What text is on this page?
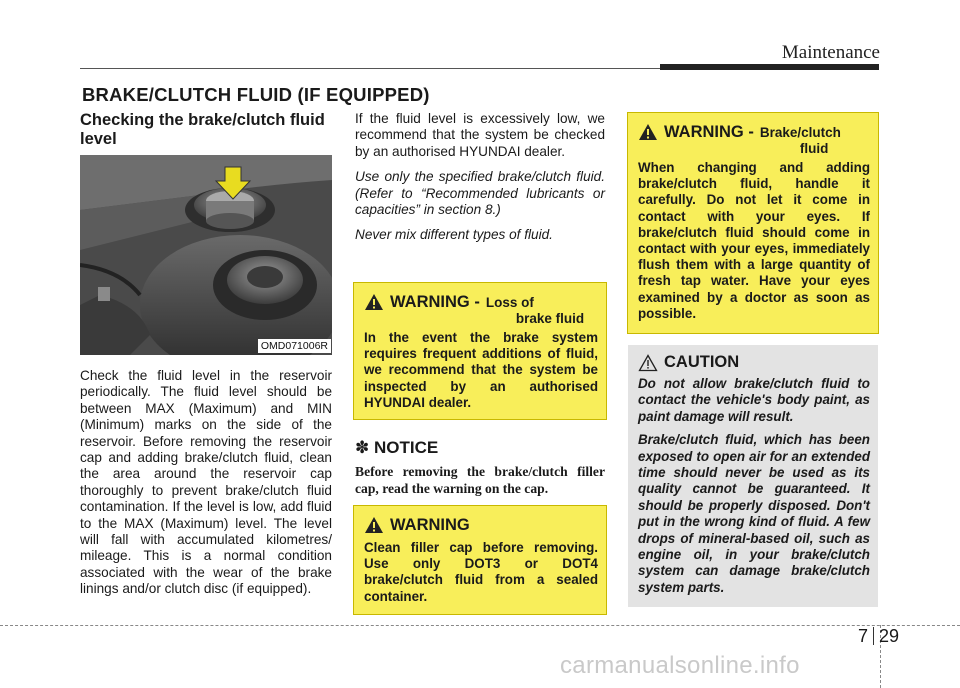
Maintenance
BRAKE/CLUTCH FLUID (IF EQUIPPED)
Checking the brake/clutch fluid level
OMD071006R
Check the fluid level in the reservoir periodically. The fluid level should be between MAX (Maximum) and MIN (Minimum) marks on the side of the reservoir. Before removing the reservoir cap and adding brake/clutch fluid, clean the area around the reservoir cap thoroughly to prevent brake/clutch fluid contamination. If the level is low, add fluid to the MAX (Maximum) level. The level will fall with accumulated kilometres/ mileage. This is a normal condition associated with the wear of the brake linings and/or clutch disc (if equipped).

If the fluid level is excessively low, we recommend that the system be checked by an authorised HYUNDAI dealer.

Use only the specified brake/clutch fluid. (Refer to “Recommended lubricants or capacities” in section 8.)

Never mix different types of fluid.

WARNING - Loss of
brake fluid
In the event the brake system requires frequent additions of fluid, we recommend that the system be inspected by an authorised HYUNDAI dealer.
✽ NOTICE
Before removing the brake/clutch filler cap, read the warning on the cap.
WARNING
Clean filler cap before removing. Use only DOT3 or DOT4 brake/clutch fluid from a sealed container.
WARNING - Brake/clutch
fluid
When changing and adding brake/clutch fluid, handle it carefully. Do not let it come in contact with your eyes. If brake/clutch fluid should come in contact with your eyes, immediately flush them with a large quantity of fresh tap water. Have your eyes examined by a doctor as soon as possible.
CAUTION

Do not allow brake/clutch fluid to contact the vehicle's body paint, as paint damage will result.

Brake/clutch fluid, which has been exposed to open air for an extended time should never be used as its quality cannot be guaranteed. It should be properly disposed. Don't put in the wrong kind of fluid. A few drops of mineral-based oil, such as engine oil, in your brake/clutch system can damage brake/clutch system parts.

7 29
carmanualsonline.info
